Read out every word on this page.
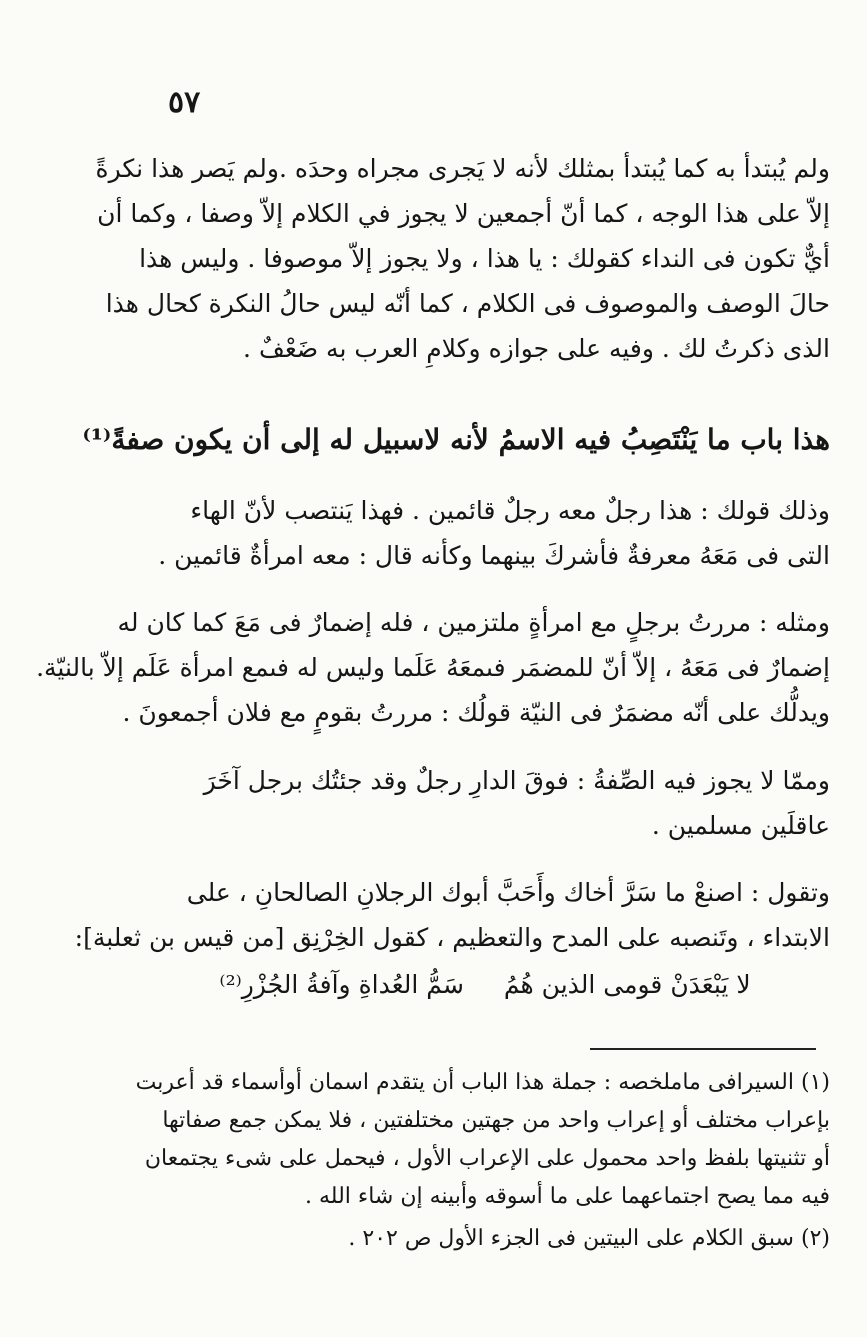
٥٧
ولم يُبتدأ به كما يُبتدأ بمثلك لأنه لا يَجرى مجراه وحدَه .ولم يَصر هذا نكرةً
إلاّ على هذا الوجه ، كما أنّ أجمعين لا يجوز في الكلام إلاّ وصفا ، وكما أن
أيٌّ تكون فى النداء كقولك : يا هذا ، ولا يجوز إلاّ موصوفا . وليس هذا
حالَ الوصف والموصوف فى الكلام ، كما أنّه ليس حالُ النكرة كحال هذا
الذى ذكرتُ لك . وفيه على جوازه وكلامِ العرب به ضَعْفٌ .
هذا باب ما يَنْتَصِبُ فيه الاسمُ لأنه لاسبيل له إلى أن يكون صفةً⁽¹⁾
وذلك قولك : هذا رجلٌ معه رجلٌ قائمين . فهذا يَنتصب لأنّ الهاء
التى فى مَعَهُ معرفةٌ فأشركَ بينهما وكأنه قال : معه امرأةٌ قائمين .
ومثله : مررتُ برجلٍ مع امرأةٍ ملتزمين ، فله إضمارٌ فى مَعَ كما كان له
إضمارٌ فى مَعَهُ ، إلاّ أنّ للمضمَر فىمعَهُ عَلَما وليس له فىمع امرأة عَلَم إلاّ بالنيّة.
ويدلُّك على أنّه مضمَرٌ فى النيّة قولُك : مررتُ بقومٍ مع فلان أجمعونَ .
وممّا لا يجوز فيه الصِّفةُ : فوقَ الدارِ رجلٌ وقد جئتُك برجل آخَرَ
عاقلَين مسلمين .
وتقول : اصنعْ ما سَرَّ أخاك وأَحَبَّ أبوك الرجلانِ الصالحانِ ، على
الابتداء ، وتَنصبه على المدح والتعظيم ، كقول الخِرْنِق [من قيس بن ثعلبة]:
لا يَبْعَدَنْ قومى الذين هُمُ
سَمُّ العُداةِ وآفةُ الجُزْرِ⁽²⁾
(١) السيرافى ماملخصه : جملة هذا الباب أن يتقدم اسمان أوأسماء قد أعربت
بإعراب مختلف أو إعراب واحد من جهتين مختلفتين ، فلا يمكن جمع صفاتها
أو تثنيتها بلفظ واحد محمول على الإعراب الأول ، فيحمل على شىء يجتمعان
فيه مما يصح اجتماعهما على ما أسوقه وأبينه إن شاء الله .
(٢) سبق الكلام على البيتين فى الجزء الأول ص ٢٠٢ .
